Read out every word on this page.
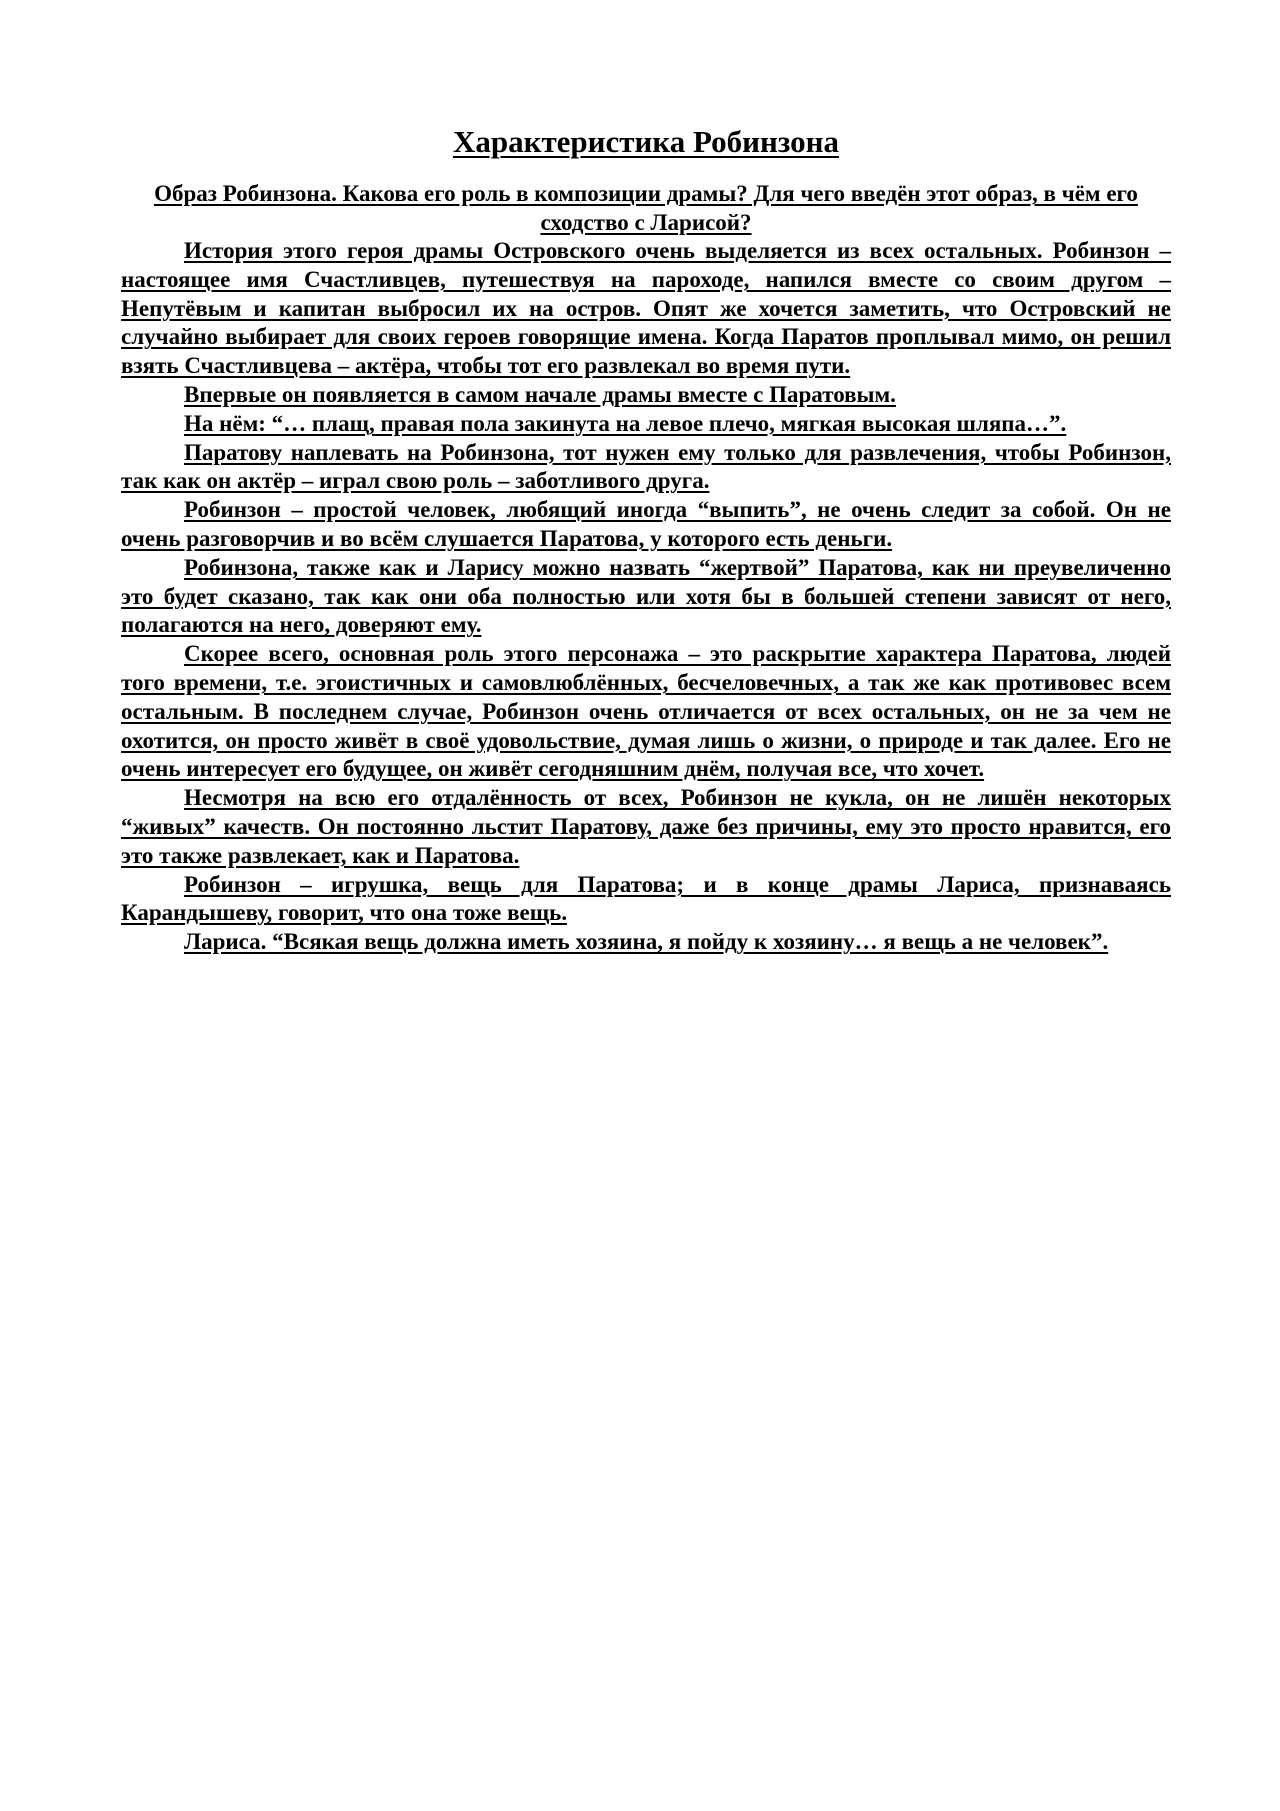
Характеристика Робинзона

Образ Робинзона. Какова его роль в композиции драмы? Для чего введён этот образ, в чём его сходство с Ларисой?

История этого героя драмы Островского очень выделяется из всех остальных. Робинзон – настоящее имя Счастливцев, путешествуя на пароходе, напился вместе со своим другом – Непутёвым и капитан выбросил их на остров. Опят же хочется заметить, что Островский не случайно выбирает для своих героев говорящие имена. Когда Паратов проплывал мимо, он решил взять Счастливцева – актёра, чтобы тот его развлекал во время пути.

Впервые он появляется в самом начале драмы вместе с Паратовым.

На нём: “… плащ, правая пола закинута на левое плечо, мягкая высокая шляпа…”.

Паратову наплевать на Робинзона, тот нужен ему только для развлечения, чтобы Робинзон, так как он актёр – играл свою роль – заботливого друга.

Робинзон – простой человек, любящий иногда “выпить”, не очень следит за собой. Он не очень разговорчив и во всём слушается Паратова, у которого есть деньги.

Робинзона, также как и Ларису можно назвать “жертвой” Паратова, как ни преувеличенно это будет сказано, так как они оба полностью или хотя бы в большей степени зависят от него, полагаются на него, доверяют ему.

Скорее всего, основная роль этого персонажа – это раскрытие характера Паратова, людей того времени, т.е. эгоистичных и самовлюблённых, бесчеловечных, а так же как противовес всем остальным. В последнем случае, Робинзон очень отличается от всех остальных, он не за чем не охотится, он просто живёт в своё удовольствие, думая лишь о жизни, о природе и так далее. Его не очень интересует его будущее, он живёт сегодняшним днём, получая все, что хочет.

Несмотря на всю его отдалённость от всех, Робинзон не кукла, он не лишён некоторых “живых” качеств. Он постоянно льстит Паратову, даже без причины, ему это просто нравится, его это также развлекает, как и Паратова.

Робинзон – игрушка, вещь для Паратова; и в конце драмы Лариса, признаваясь Карандышеву, говорит, что она тоже вещь.

Лариса. “Всякая вещь должна иметь хозяина, я пойду к хозяину… я вещь а не человек”.
